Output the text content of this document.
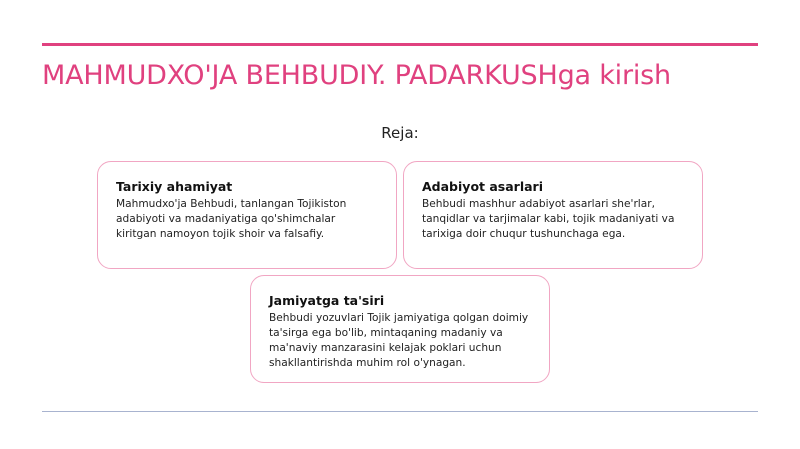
MAHMUDXO'JA BEHBUDIY. PADARKUSHga kirish
Reja:
Tarixiy ahamiyat
Mahmudxo'ja Behbudi, tanlangan Tojikiston adabiyoti va madaniyatiga qo'shimchalar kiritgan namoyon tojik shoir va falsafiy.
Adabiyot asarlari
Behbudi mashhur adabiyot asarlari she'rlar, tanqidlar va tarjimalar kabi, tojik madaniyati va tarixiga doir chuqur tushunchaga ega.
Jamiyatga ta'siri
Behbudi yozuvlari Tojik jamiyatiga qolgan doimiy ta'sirga ega bo'lib, mintaqaning madaniy va ma'naviy manzarasini kelajak poklari uchun shakllantirishda muhim rol o'ynagan.
